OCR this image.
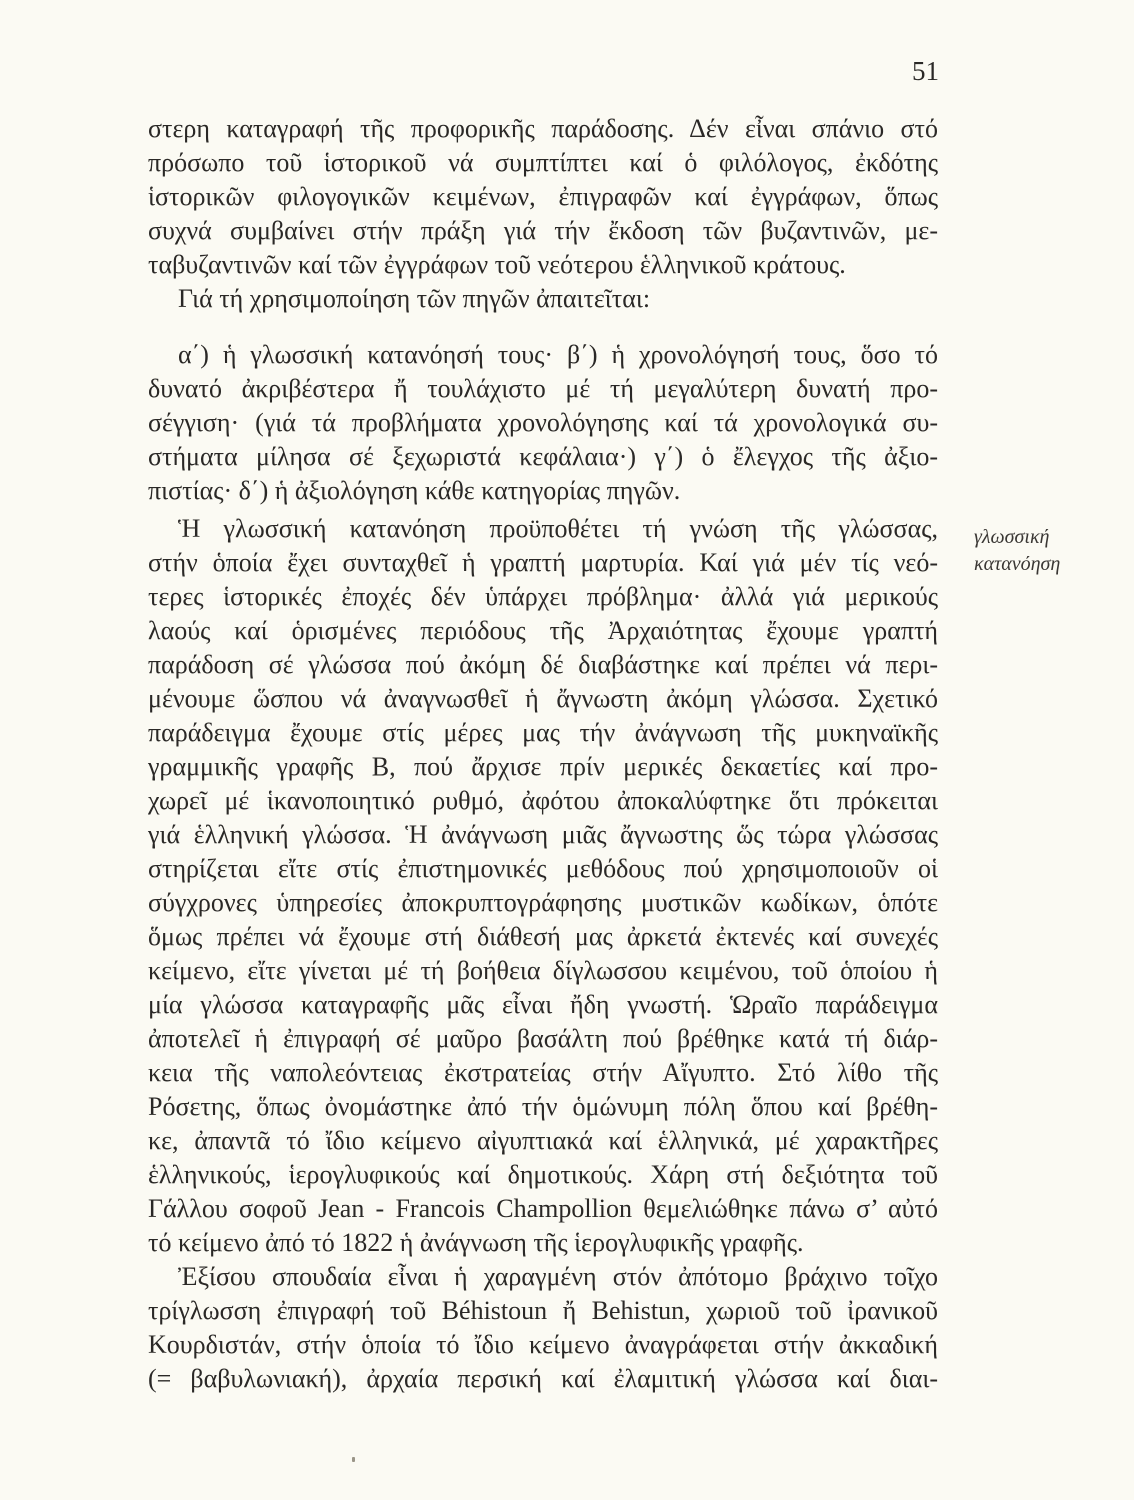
51
στερη καταγραφή τῆς προφορικῆς παράδοσης. Δέν εἶναι σπάνιο στό
πρόσωπο τοῦ ἱστορικοῦ νά συμπτίπτει καί ὁ φιλόλογος, ἐκδότης
ἱστορικῶν φιλογογικῶν κειμένων, ἐπιγραφῶν καί ἐγγράφων, ὅπως
συχνά συμβαίνει στήν πράξη γιά τήν ἔκδοση τῶν βυζαντινῶν, με-
ταβυζαντινῶν καί τῶν ἐγγράφων τοῦ νεότερου ἑλληνικοῦ κράτους.
Γιά τή χρησιμοποίηση τῶν πηγῶν ἀπαιτεῖται:
α΄) ἡ γλωσσική κατανόησή τους· β΄) ἡ χρονολόγησή τους, ὅσο τό
δυνατό ἀκριβέστερα ἤ τουλάχιστο μέ τή μεγαλύτερη δυνατή προ-
σέγγιση· (γιά τά προβλήματα χρονολόγησης καί τά χρονολογικά συ-
στήματα μίλησα σέ ξεχωριστά κεφάλαια·) γ΄) ὁ ἔλεγχος τῆς ἀξιο-
πιστίας· δ΄) ἡ ἀξιολόγηση κάθε κατηγορίας πηγῶν.
Ἡ γλωσσική κατανόηση προϋποθέτει τή γνώση τῆς γλώσσας,
στήν ὁποία ἔχει συνταχθεῖ ἡ γραπτή μαρτυρία. Καί γιά μέν τίς νεό-
τερες ἱστορικές ἐποχές δέν ὑπάρχει πρόβλημα· ἀλλά γιά μερικούς
λαούς καί ὁρισμένες περιόδους τῆς Ἀρχαιότητας ἔχουμε γραπτή
παράδοση σέ γλώσσα πού ἀκόμη δέ διαβάστηκε καί πρέπει νά περι-
μένουμε ὥσπου νά ἀναγνωσθεῖ ἡ ἄγνωστη ἀκόμη γλώσσα. Σχετικό
παράδειγμα ἔχουμε στίς μέρες μας τήν ἀνάγνωση τῆς μυκηναϊκῆς
γραμμικῆς γραφῆς Β, πού ἄρχισε πρίν μερικές δεκαετίες καί προ-
χωρεῖ μέ ἱκανοποιητικό ρυθμό, ἀφότου ἀποκαλύφτηκε ὅτι πρόκειται
γιά ἑλληνική γλώσσα. Ἡ ἀνάγνωση μιᾶς ἄγνωστης ὥς τώρα γλώσσας
στηρίζεται εἴτε στίς ἐπιστημονικές μεθόδους πού χρησιμοποιοῦν οἱ
σύγχρονες ὑπηρεσίες ἀποκρυπτογράφησης μυστικῶν κωδίκων, ὁπότε
ὅμως πρέπει νά ἔχουμε στή διάθεσή μας ἀρκετά ἐκτενές καί συνεχές
κείμενο, εἴτε γίνεται μέ τή βοήθεια δίγλωσσου κειμένου, τοῦ ὁποίου ἡ
μία γλώσσα καταγραφῆς μᾶς εἶναι ἤδη γνωστή. Ὡραῖο παράδειγμα
ἀποτελεῖ ἡ ἐπιγραφή σέ μαῦρο βασάλτη πού βρέθηκε κατά τή διάρ-
κεια τῆς ναπολεόντειας ἐκστρατείας στήν Αἴγυπτο. Στό λίθο τῆς
Ρόσετης, ὅπως ὀνομάστηκε ἀπό τήν ὁμώνυμη πόλη ὅπου καί βρέθη-
κε, ἀπαντᾶ τό ἴδιο κείμενο αἰγυπτιακά καί ἑλληνικά, μέ χαρακτῆρες
ἑλληνικούς, ἱερογλυφικούς καί δημοτικούς. Χάρη στή δεξιότητα τοῦ
Γάλλου σοφοῦ Jean - Francois Champollion θεμελιώθηκε πάνω σ’ αὐτό
τό κείμενο ἀπό τό 1822 ἡ ἀνάγνωση τῆς ἱερογλυφικῆς γραφῆς.
Ἐξίσου σπουδαία εἶναι ἡ χαραγμένη στόν ἀπότομο βράχινο τοῖχο
τρίγλωσση ἐπιγραφή τοῦ Béhistoun ἤ Behistun, χωριοῦ τοῦ ἰρανικοῦ
Κουρδιστάν, στήν ὁποία τό ἴδιο κείμενο ἀναγράφεται στήν ἀκκαδική
(= βαβυλωνιακή), ἀρχαία περσική καί ἐλαμιτική γλώσσα καί διαι-
γλωσσική
κατανόηση
